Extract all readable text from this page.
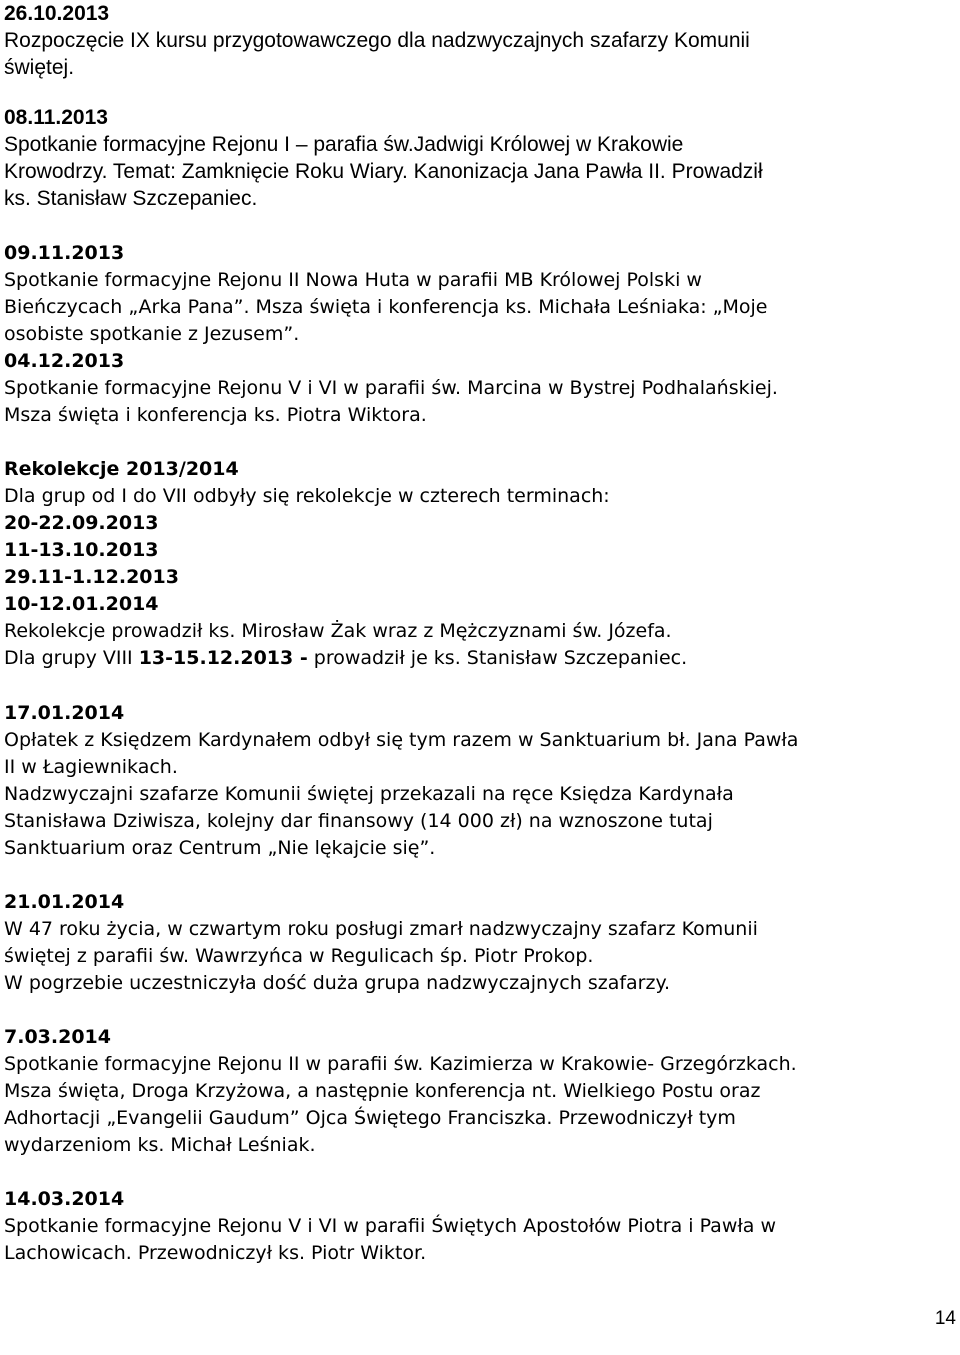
26.10.2013
Rozpoczęcie IX kursu przygotowawczego dla nadzwyczajnych szafarzy Komunii
świętej.
08.11.2013
Spotkanie formacyjne Rejonu I – parafia św.Jadwigi Królowej w Krakowie
Krowodrzy. Temat: Zamknięcie Roku Wiary. Kanonizacja Jana Pawła II. Prowadził
ks. Stanisław Szczepaniec.
09.11.2013
Spotkanie formacyjne Rejonu II Nowa Huta w parafii MB Królowej Polski w
Bieńczycach „Arka Pana”. Msza święta i konferencja ks. Michała Leśniaka: „Moje
osobiste spotkanie z Jezusem”.
04.12.2013
Spotkanie formacyjne Rejonu V i VI w parafii św. Marcina w Bystrej Podhalańskiej.
Msza święta i konferencja ks. Piotra Wiktora.
Rekolekcje 2013/2014
Dla grup od I do VII odbyły się rekolekcje w czterech terminach:
20-22.09.2013
11-13.10.2013
29.11-1.12.2013
10-12.01.2014
Rekolekcje prowadził ks. Mirosław Żak wraz z Mężczyznami św. Józefa.
Dla grupy VIII 13-15.12.2013 - prowadził je ks. Stanisław Szczepaniec.
17.01.2014
Opłatek z Księdzem Kardynałem odbył się tym razem w Sanktuarium bł. Jana Pawła
II w Łagiewnikach.
Nadzwyczajni szafarze Komunii świętej przekazali na ręce Księdza Kardynała
Stanisława Dziwisza, kolejny dar finansowy (14 000 zł) na wznoszone tutaj
Sanktuarium oraz Centrum „Nie lękajcie się”.
21.01.2014
W 47 roku życia, w czwartym roku posługi zmarł nadzwyczajny szafarz Komunii
świętej z parafii św. Wawrzyńca w Regulicach śp. Piotr Prokop.
W pogrzebie uczestniczyła dość duża grupa nadzwyczajnych szafarzy.
7.03.2014
Spotkanie formacyjne Rejonu II w parafii św. Kazimierza w Krakowie- Grzegórzkach.
Msza święta, Droga Krzyżowa, a następnie konferencja nt. Wielkiego Postu oraz
Adhortacji „Evangelii Gaudum” Ojca Świętego Franciszka. Przewodniczył tym
wydarzeniom ks. Michał Leśniak.
14.03.2014
Spotkanie formacyjne Rejonu V i VI w parafii Świętych Apostołów Piotra i Pawła w
Lachowicach. Przewodniczył ks. Piotr Wiktor.
14
